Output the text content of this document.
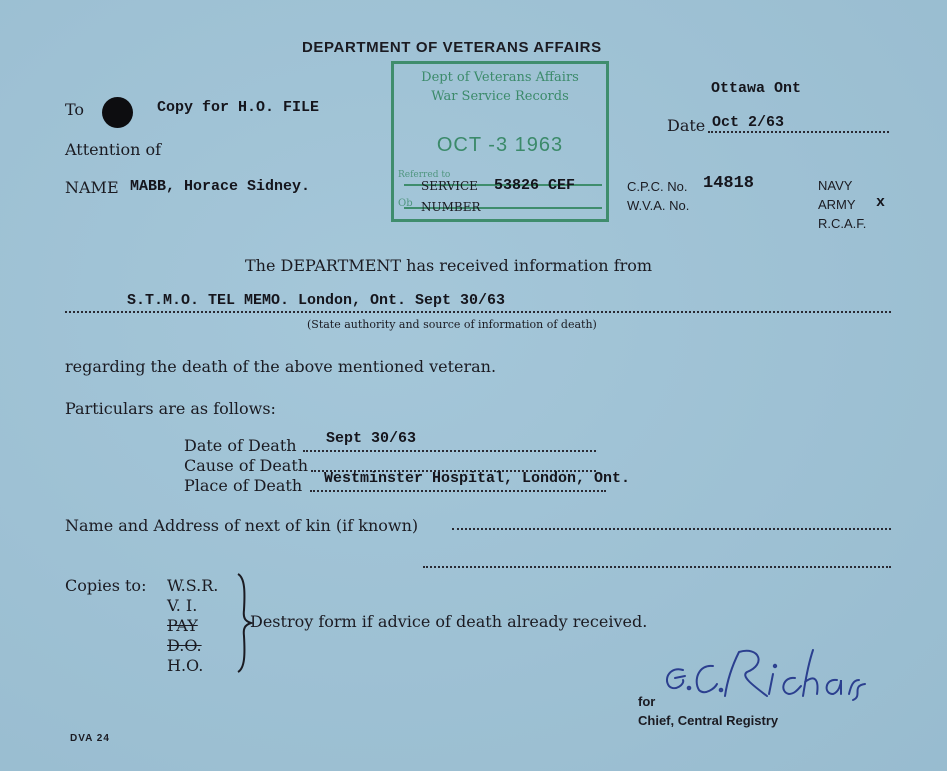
DEPARTMENT OF VETERANS AFFAIRS
Dept of Veterans Affairs
War Service Records
OCT -3 1963
Referred to
Ob
To	Copy for H.O. FILE
Attention of
NAME MABB, Horace Sidney.
Ottawa Ont
Date Oct 2/63
SERVICE
NUMBER
53826 CEF	C.P.C. No. 14818
W.V.A. No.
NAVY
ARMY x
R.C.A.F.
The DEPARTMENT has received information from
S.T.M.O. TEL MEMO. London, Ont. Sept 30/63
(State authority and source of information of death)
regarding the death of the above mentioned veteran.
Particulars are as follows:
Date of Death Sept 30/63
Cause of Death
Place of Death Westminster Hospital, London, Ont.
Name and Address of next of kin (if known)
Copies to: W.S.R.
V. I.
PAY
D.O.
H.O.
Destroy form if advice of death already received.
for
Chief, Central Registry
DVA 24
